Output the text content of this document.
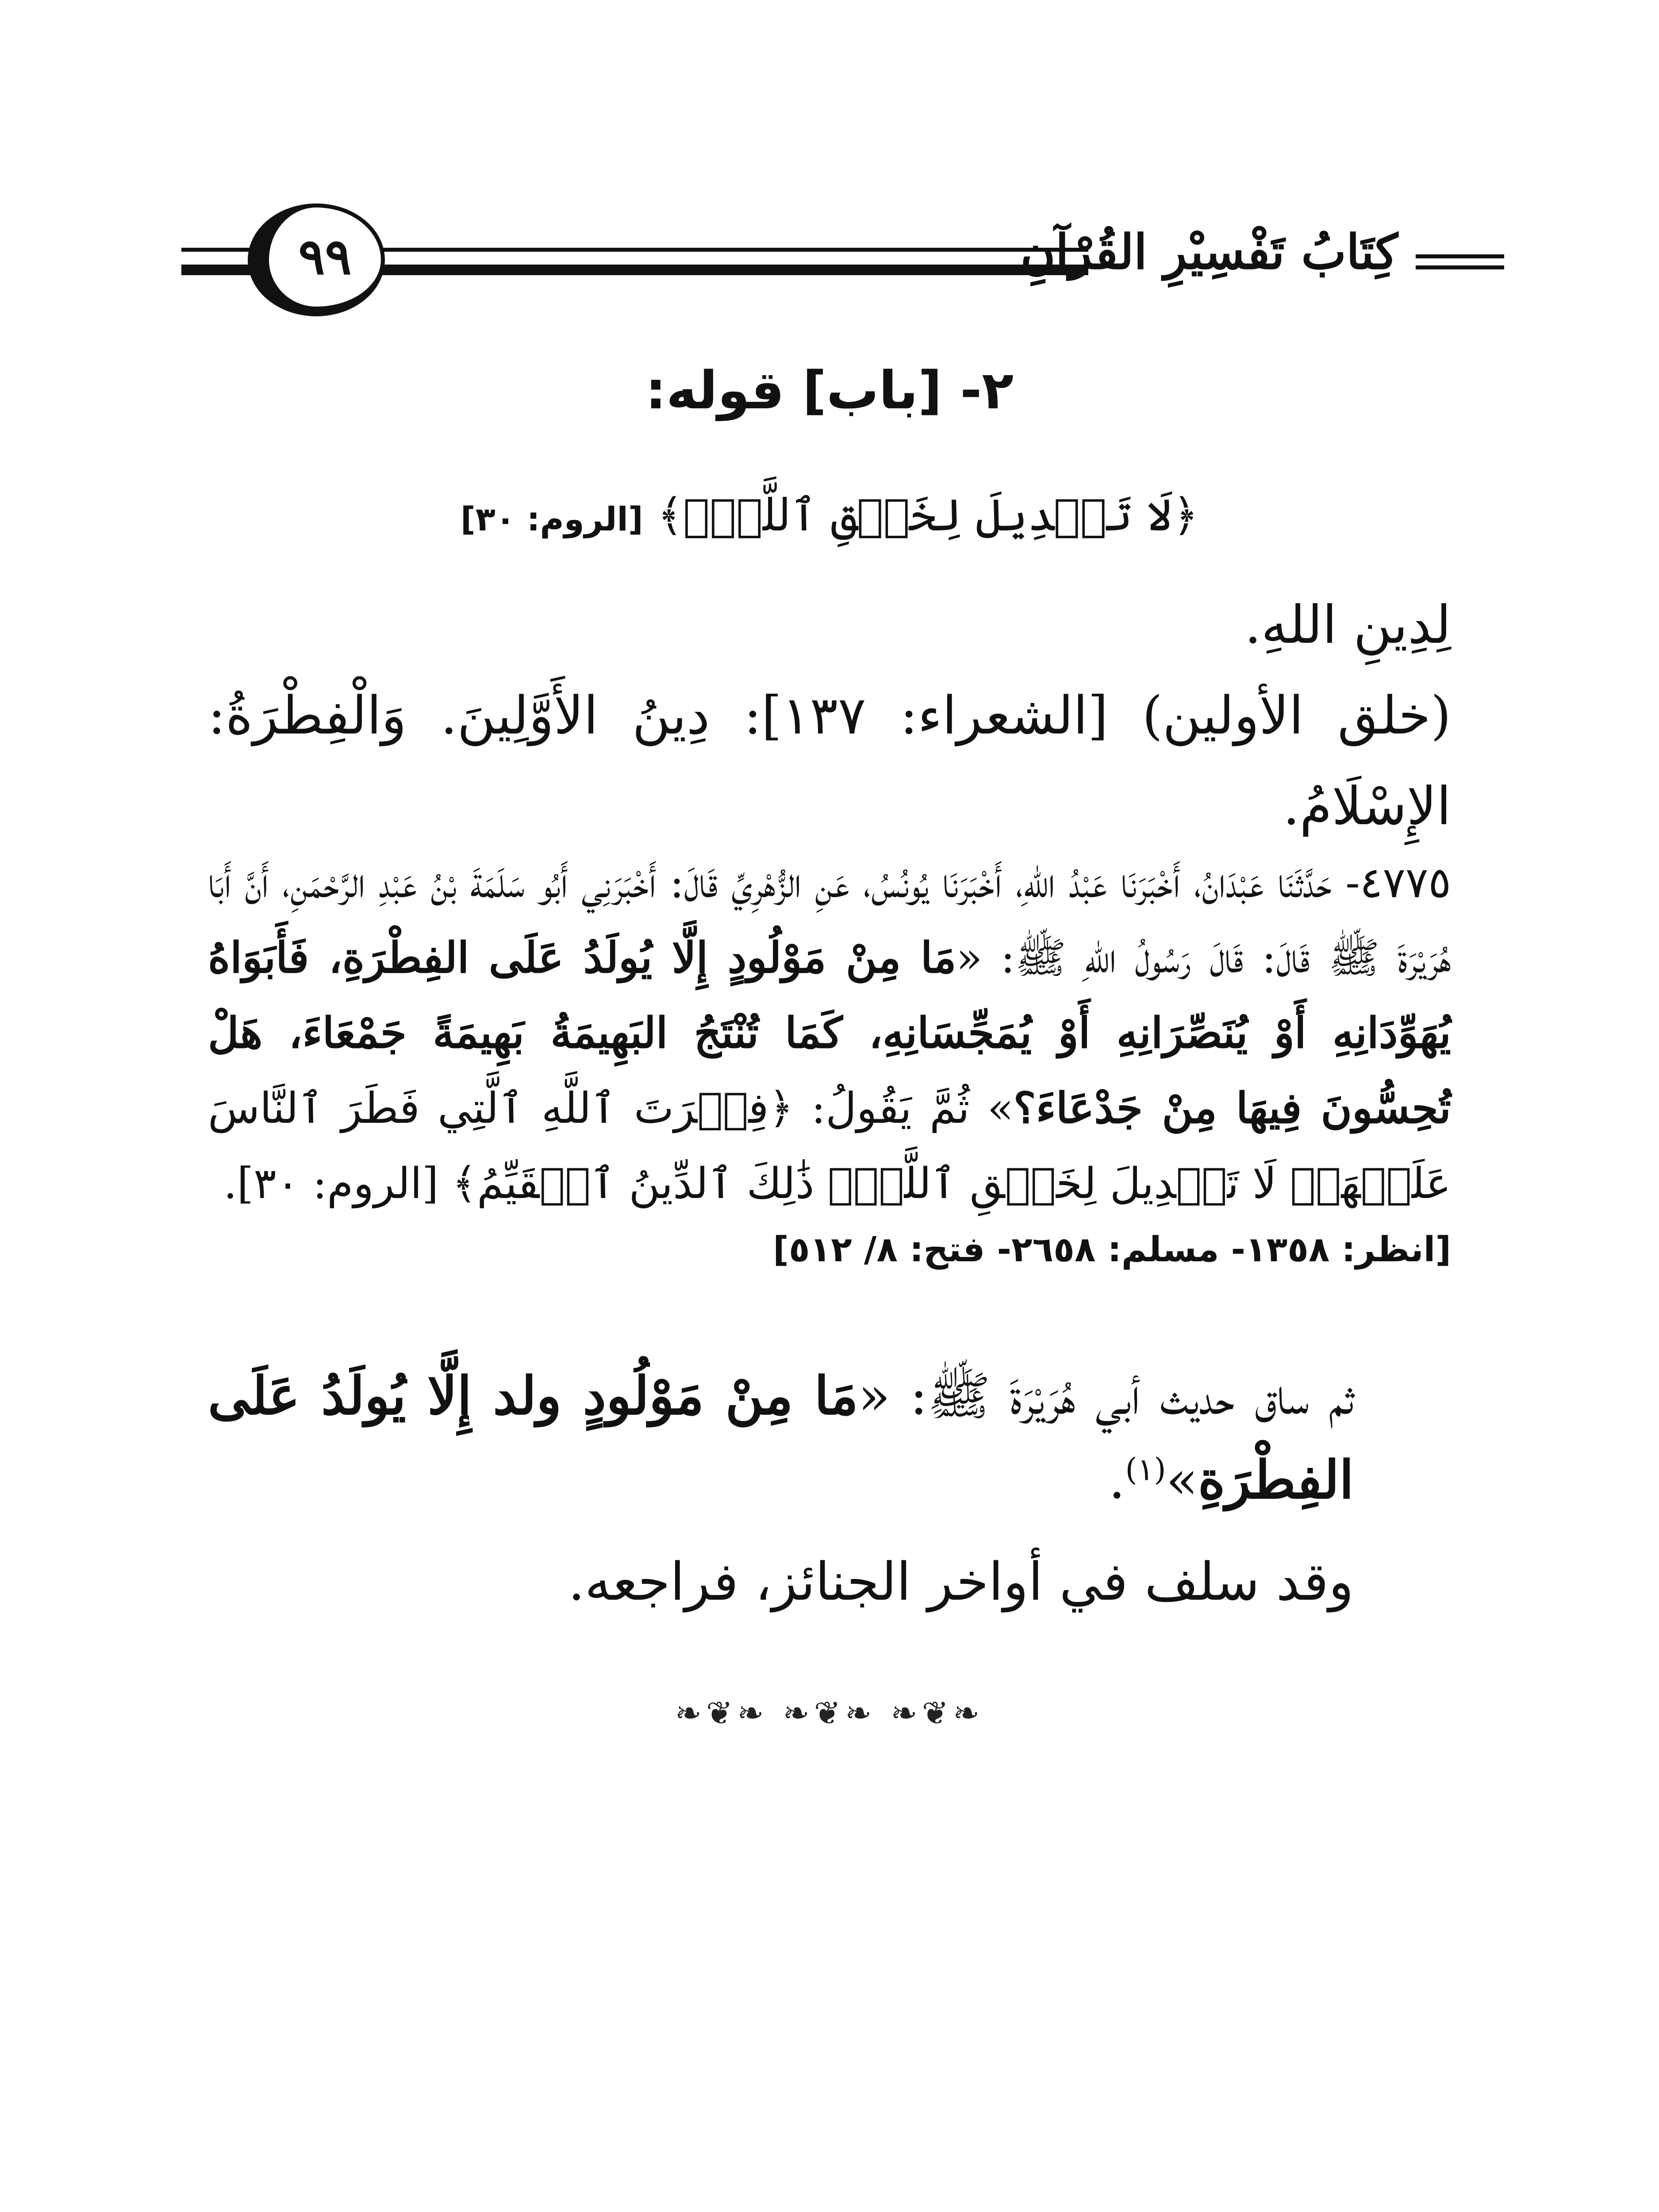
كِتَابُ تَفْسِيْرِ القُرْآنِ
٩٩
٢- [باب] قوله:
﴿لَا تَبۡدِيلَ لِخَلۡقِ ٱللَّهِۚ﴾ [الروم: ٣٠]

لِدِينِ اللهِ.

(خلق الأولين) [الشعراء: ١٣٧]: دِينُ الأَوَّلِينَ. وَالْفِطْرَةُ: الإِسْلَامُ.

٤٧٧٥- حَدَّثَنَا عَبْدَانُ، أَخْبَرَنَا عَبْدُ اللهِ، أَخْبَرَنَا يُونُسُ، عَنِ الزُّهْرِيِّ قَالَ: أَخْبَرَنِي أَبُو سَلَمَةَ بْنُ عَبْدِ الرَّحْمَنِ، أَنَّ أَبَا هُرَيْرَةَ ﷺ قَالَ: قَالَ رَسُولُ اللهِ ﷺ: «مَا مِنْ مَوْلُودٍ إِلَّا يُولَدُ عَلَى الفِطْرَةِ، فَأَبَوَاهُ يُهَوِّدَانِهِ أَوْ يُنَصِّرَانِهِ أَوْ يُمَجِّسَانِهِ، كَمَا تُنْتَجُ البَهِيمَةُ بَهِيمَةً جَمْعَاءَ، هَلْ تُحِسُّونَ فِيهَا مِنْ جَدْعَاءَ؟» ثُمَّ يَقُولُ: ﴿فِطۡرَتَ ٱللَّهِ ٱلَّتِي فَطَرَ ٱلنَّاسَ عَلَيۡهَاۚ لَا تَبۡدِيلَ لِخَلۡقِ ٱللَّهِۚ ذَٰلِكَ ٱلدِّينُ ٱلۡقَيِّمُ﴾ [الروم: ٣٠].

[انظر: ١٣٥٨- مسلم: ٢٦٥٨- فتح: ٨/ ٥١٢]

ثم ساق حديث أبي هُرَيْرَةَ ﷺ: «مَا مِنْ مَوْلُودٍ ولد إِلَّا يُولَدُ عَلَى الفِطْرَةِ»$^{(١)}$.

وقد سلف في أواخر الجنائز، فراجعه.

❧❦❧ ❧❦❧ ❧❦❧
